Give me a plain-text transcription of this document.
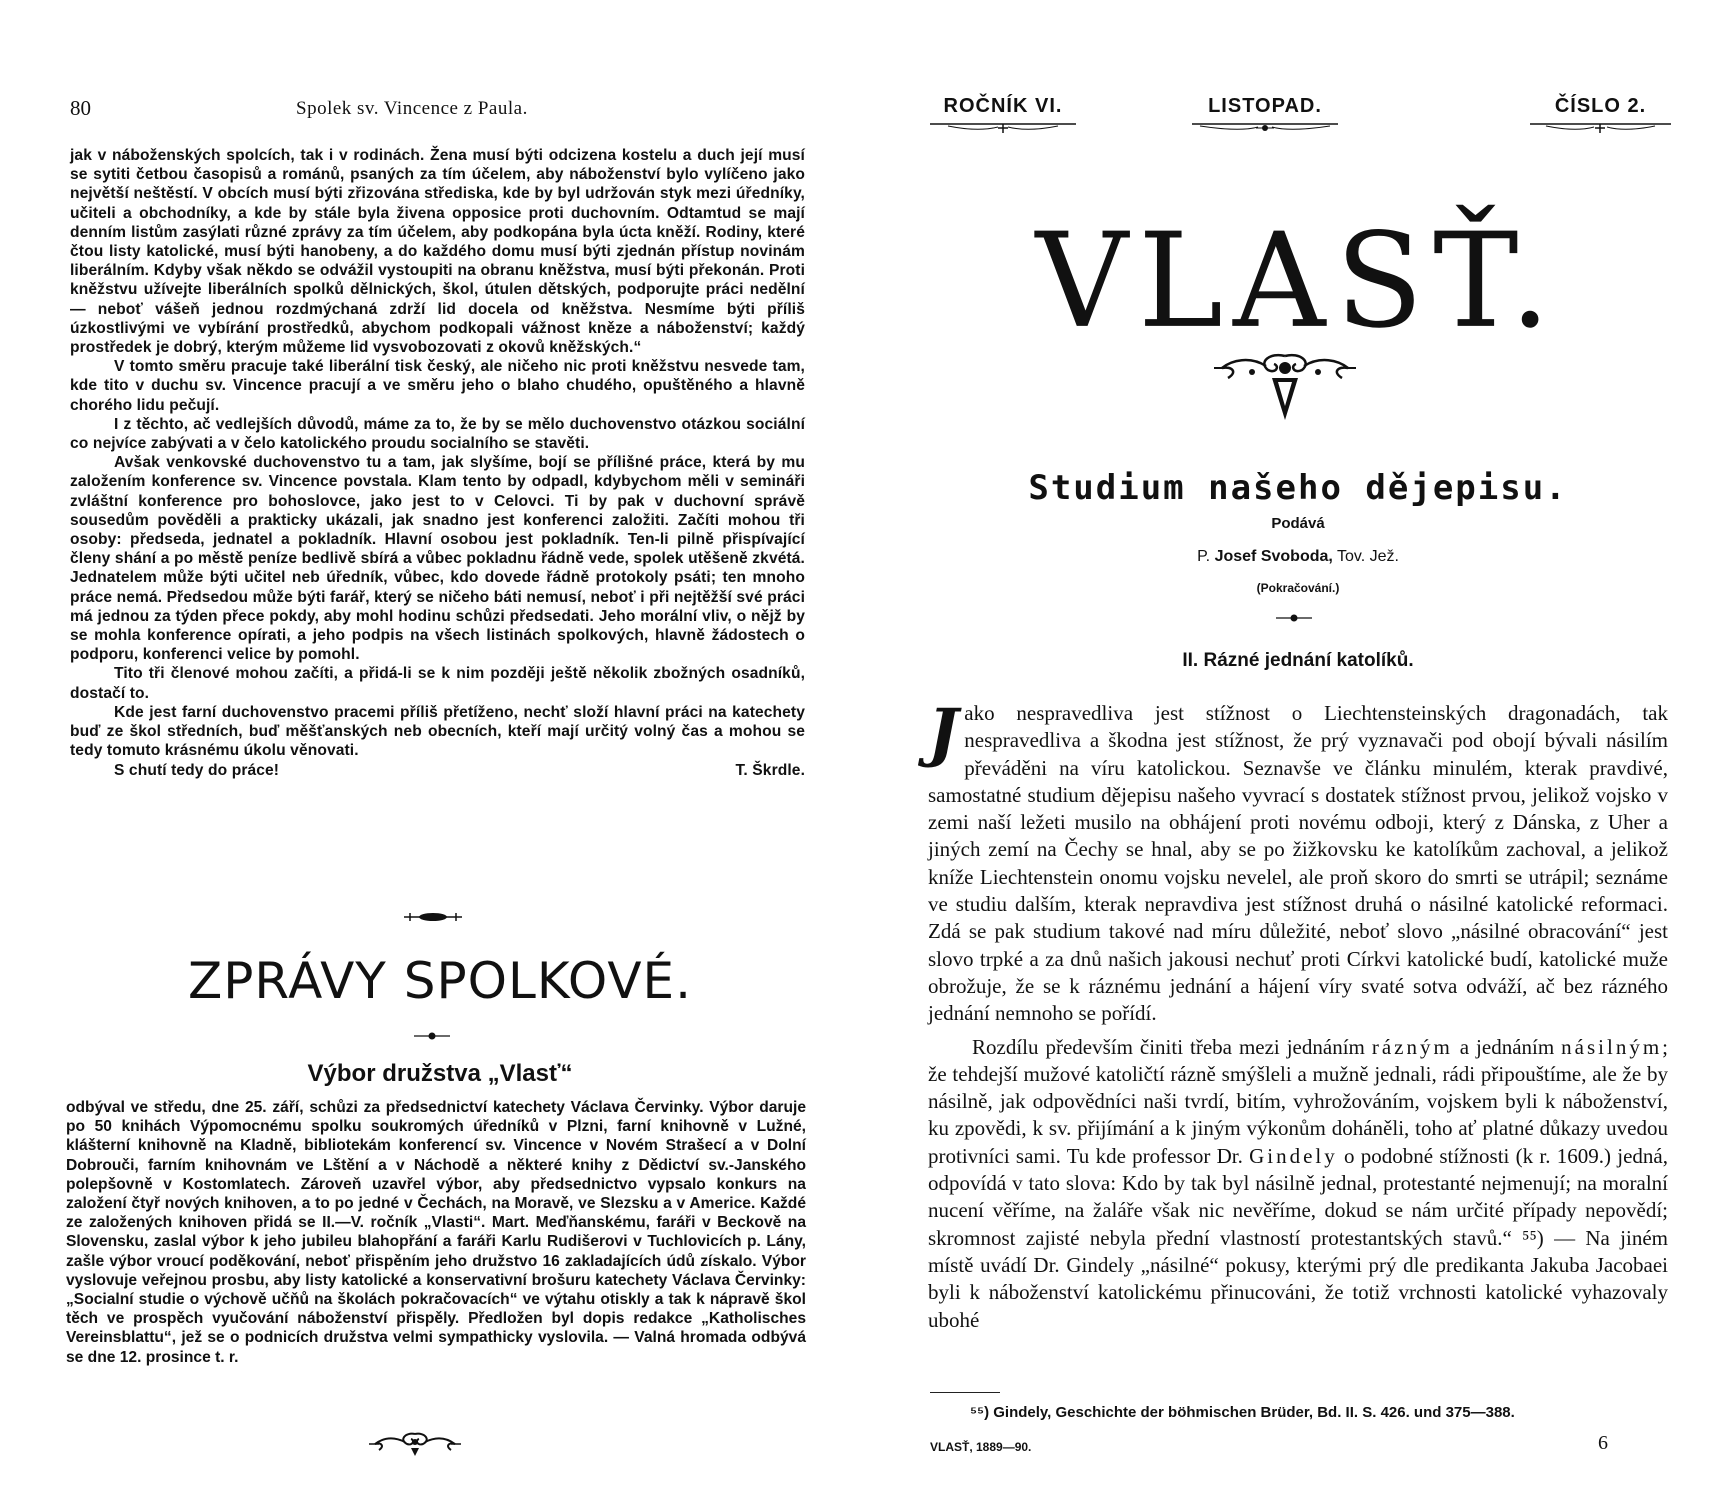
80	Spolek sv. Vincence z Paula.

jak v náboženských spolcích, tak i v rodinách. Žena musí býti odcizena kostelu a duch její musí se sytiti četbou časopisů a románů, psaných za tím účelem, aby náboženství bylo vylíčeno jako největší neštěstí. V obcích musí býti zřizována střediska, kde by byl udržován styk mezi úředníky, učiteli a obchodníky, a kde by stále byla živena opposice proti duchovním. Odtamtud se mají denním listům zasýlati různé zprávy za tím účelem, aby podkopána byla úcta kněží. Rodiny, které čtou listy katolické, musí býti hanobeny, a do každého domu musí býti zjednán přístup novinám liberálním. Kdyby však někdo se odvážil vystoupiti na obranu kněžstva, musí býti překonán. Proti kněžstvu užívejte liberálních spolků dělnických, škol, útulen dětských, podporujte práci nedělní — neboť vášeň jednou rozdmýchaná zdrží lid docela od kněžstva. Nesmíme býti příliš úzkostlivými ve vybírání prostředků, abychom podkopali vážnost kněze a náboženství; každý prostředek je dobrý, kterým můžeme lid vysvobozovati z okovů kněžských.“

V tomto směru pracuje také liberální tisk český, ale ničeho nic proti kněžstvu nesvede tam, kde tito v duchu sv. Vincence pracují a ve směru jeho o blaho chudého, opuštěného a hlavně chorého lidu pečují.

I z těchto, ač vedlejších důvodů, máme za to, že by se mělo duchovenstvo otázkou sociální co nejvíce zabývati a v čelo katolického proudu socialního se stavěti.

Avšak venkovské duchovenstvo tu a tam, jak slyšíme, bojí se přílišné práce, která by mu založením konference sv. Vincence povstala. Klam tento by odpadl, kdybychom měli v semináři zvláštní konference pro bohoslovce, jako jest to v Celovci. Ti by pak v duchovní správě sousedům pověděli a prakticky ukázali, jak snadno jest konferenci založiti. Začíti mohou tři osoby: předseda, jednatel a pokladník. Hlavní osobou jest pokladník. Ten-li pilně přispívající členy shání a po městě peníze bedlivě sbírá a vůbec pokladnu řádně vede, spolek utěšeně zkvétá. Jednatelem může býti učitel neb úředník, vůbec, kdo dovede řádně protokoly psáti; ten mnoho práce nemá. Předsedou může býti farář, který se ničeho báti nemusí, neboť i při nejtěžší své práci má jednou za týden přece pokdy, aby mohl hodinu schůzi předsedati. Jeho morální vliv, o nějž by se mohla konference opírati, a jeho podpis na všech listinách spolkových, hlavně žádostech o podporu, konferenci velice by pomohl.

Tito tři členové mohou začíti, a přidá-li se k nim později ještě několik zbožných osadníků, dostačí to.

Kde jest farní duchovenstvo pracemi příliš přetíženo, nechť složí hlavní práci na katechety buď ze škol středních, buď měšťanských neb obecních, kteří mají určitý volný čas a mohou se tedy tomuto krásnému úkolu věnovati.

S chutí tedy do práce!	T. Škrdle.

ZPRÁVY SPOLKOVÉ.
Výbor družstva „Vlasť“

odbýval ve středu, dne 25. září, schůzi za předsednictví katechety Václava Červinky. Výbor daruje po 50 knihách Výpomocnému spolku soukromých úředníků v Plzni, farní knihovně v Lužné, klášterní knihovně na Kladně, bibliotekám konferencí sv. Vincence v Novém Strašecí a v Dolní Dobrouči, farním knihovnám ve Lštění a v Náchodě a některé knihy z Dědictví sv.-Janského polepšovně v Kostomlatech. Zároveň uzavřel výbor, aby předsednictvo vypsalo konkurs na založení čtyř nových knihoven, a to po jedné v Čechách, na Moravě, ve Slezsku a v Americe. Každé ze založených knihoven přidá se II.—V. ročník „Vlasti“. Mart. Meďňanskému, faráři v Beckově na Slovensku, zaslal výbor k jeho jubileu blahopřání a faráři Karlu Rudišerovi v Tuchlovicích p. Lány, zašle výbor vroucí poděkování, neboť přispěním jeho družstvo 16 zakladajících údů získalo. Výbor vyslovuje veřejnou prosbu, aby listy katolické a konservativní brošuru katechety Václava Červinky: „Socialní studie o výchově učňů na školách pokračovacích“ ve výtahu otiskly a tak k nápravě škol těch ve prospěch vyučování náboženství přispěly. Předložen byl dopis redakce „Katholisches Vereinsblattu“, jež se o podnicích družstva velmi sympathicky vyslovila. — Valná hromada odbývá se dne 12. prosince t. r.

ROČNÍK VI.	LISTOPAD.	ČÍSLO 2.
VLASŤ.
Studium našeho dějepisu.
Podává
P. Josef Svoboda, Tov. Jež.
(Pokračování.)
II. Rázné jednání katolíků.

Jako nespravedliva jest stížnost o Liechtensteinských dragonadách, tak nespravedliva a škodna jest stížnost, že prý vyznavači pod obojí bývali násilím převáděni na víru katolickou. Seznavše ve článku minulém, kterak pravdivé, samostatné studium dějepisu našeho vyvrací s dostatek stížnost prvou, jelikož vojsko v zemi naší ležeti musilo na obhájení proti novému odboji, který z Dánska, z Uher a jiných zemí na Čechy se hnal, aby se po žižkovsku ke katolíkům zachoval, a jelikož kníže Liechtenstein onomu vojsku nevelel, ale proň skoro do smrti se utrápil; seznáme ve studiu dalším, kterak nepravdiva jest stížnost druhá o násilné katolické reformaci. Zdá se pak studium takové nad míru důležité, neboť slovo „násilné obracování“ jest slovo trpké a za dnů našich jakousi nechuť proti Církvi katolické budí, katolické muže obrožuje, že se k ráznému jednání a hájení víry svaté sotva odváží, ač bez rázného jednání nemnoho se pořídí.

Rozdílu především činiti třeba mezi jednáním rázným a jednáním násilným; že tehdejší mužové katoličtí rázně smýšleli a mužně jednali, rádi připouštíme, ale že by násilně, jak odpovědníci naši tvrdí, bitím, vyhrožováním, vojskem byli k náboženství, ku zpovědi, k sv. přijímání a k jiným výkonům doháněli, toho ať platné důkazy uvedou protivníci sami. Tu kde professor Dr. Gindely o podobné stížnosti (k r. 1609.) jedná, odpovídá v tato slova: Kdo by tak byl násilně jednal, protestanté nejmenují; na moralní nucení věříme, na žaláře však nic nevěříme, dokud se nám určité případy nepovědí; skromnost zajisté nebyla přední vlastností protestantských stavů.“ ⁵⁵) — Na jiném místě uvádí Dr. Gindely „násilné“ pokusy, kterými prý dle predikanta Jakuba Jacobaei byli k náboženství katolickému přinucováni, že totiž vrchnosti katolické vyhazovaly ubohé

⁵⁵) Gindely, Geschichte der böhmischen Brüder, Bd. II. S. 426. und 375—388.
VLASŤ, 1889—90.	6
